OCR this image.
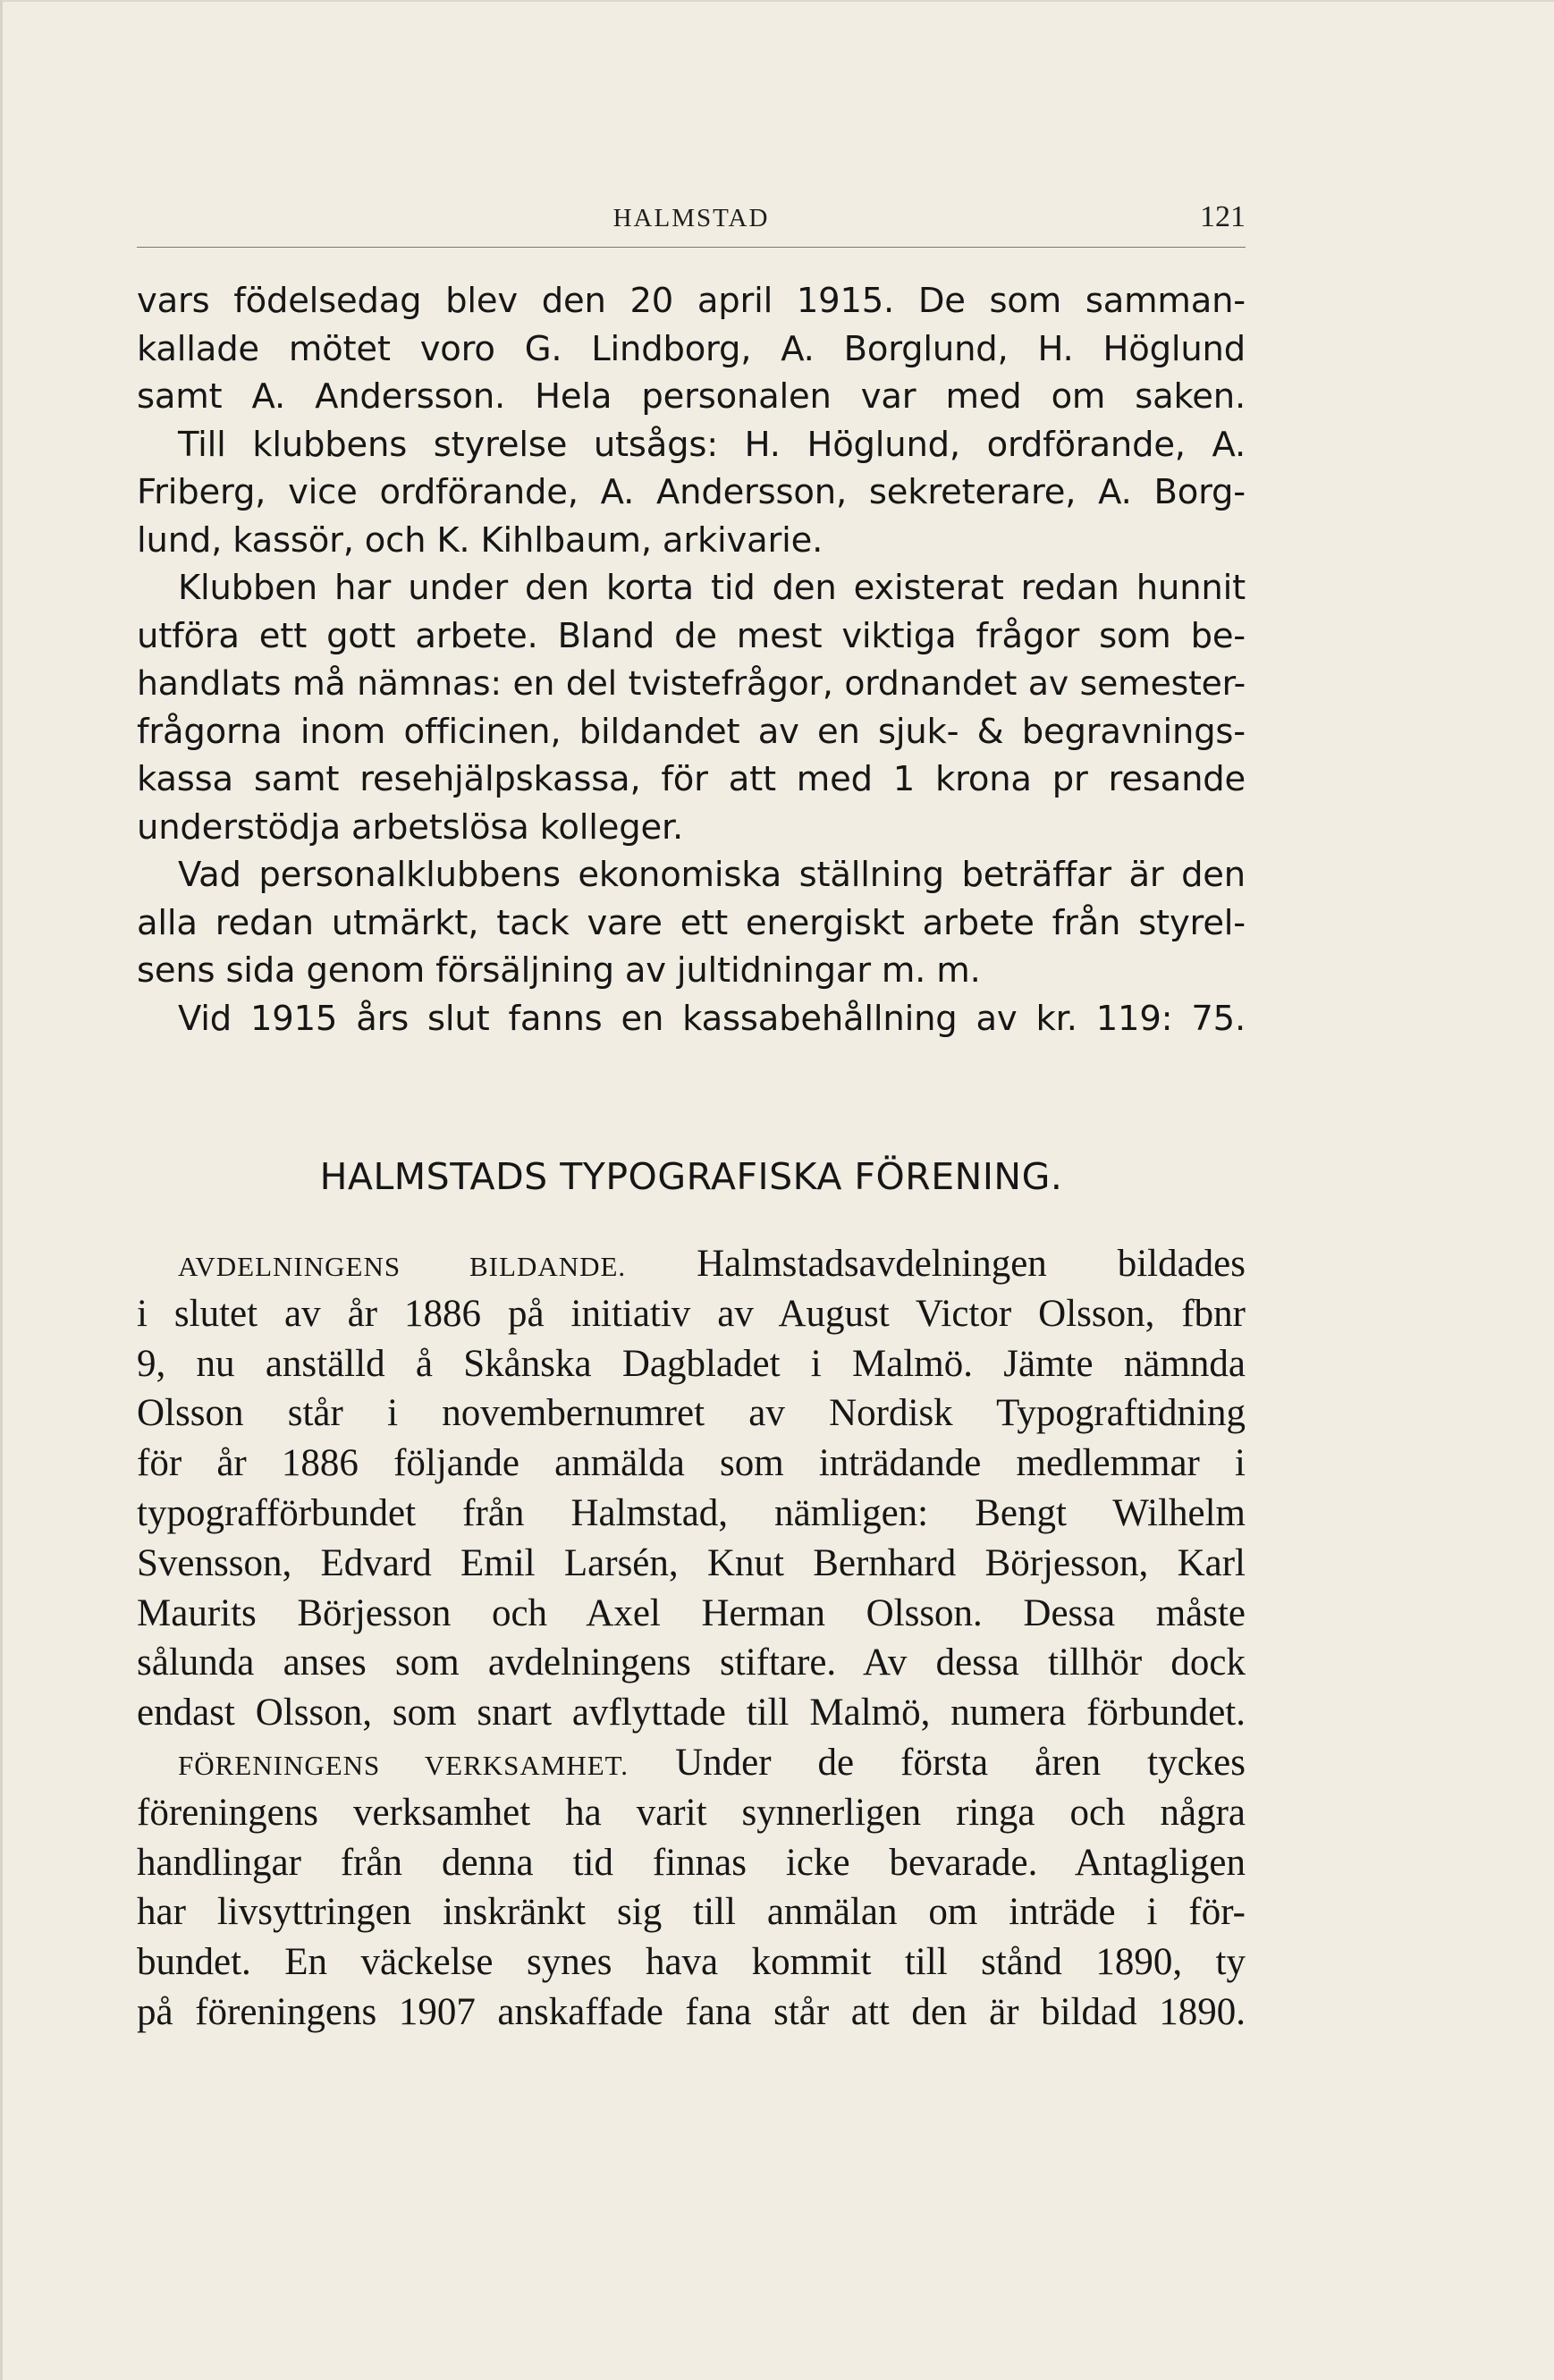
HALMSTAD	121
vars födelsedag blev den 20 april 1915. De som samman-
kallade mötet voro G. Lindborg, A. Borglund, H. Höglund
samt A. Andersson. Hela personalen var med om saken.
Till klubbens styrelse utsågs: H. Höglund, ordförande, A.
Friberg, vice ordförande, A. Andersson, sekreterare, A. Borg-
lund, kassör, och K. Kihlbaum, arkivarie.
Klubben har under den korta tid den existerat redan hunnit
utföra ett gott arbete. Bland de mest viktiga frågor som be-
handlats må nämnas: en del tvistefrågor, ordnandet av semester-
frågorna inom officinen, bildandet av en sjuk- & begravnings-
kassa samt resehjälpskassa, för att med 1 krona pr resande
understödja arbetslösa kolleger.
Vad personalklubbens ekonomiska ställning beträffar är den
alla redan utmärkt, tack vare ett energiskt arbete från styrel-
sens sida genom försäljning av jultidningar m. m.
Vid 1915 års slut fanns en kassabehållning av kr. 119: 75.
HALMSTADS TYPOGRAFISKA FÖRENING.
AVDELNINGENS BILDANDE. Halmstadsavdelningen bildades
i slutet av år 1886 på initiativ av August Victor Olsson, fbnr
9, nu anställd å Skånska Dagbladet i Malmö. Jämte nämnda
Olsson står i novembernumret av Nordisk Typograftidning
för år 1886 följande anmälda som inträdande medlemmar i
typografförbundet från Halmstad, nämligen: Bengt Wilhelm
Svensson, Edvard Emil Larsén, Knut Bernhard Börjesson, Karl
Maurits Börjesson och Axel Herman Olsson. Dessa måste
sålunda anses som avdelningens stiftare. Av dessa tillhör dock
endast Olsson, som snart avflyttade till Malmö, numera förbundet.
FÖRENINGENS VERKSAMHET. Under de första åren tyckes
föreningens verksamhet ha varit synnerligen ringa och några
handlingar från denna tid finnas icke bevarade. Antagligen
har livsyttringen inskränkt sig till anmälan om inträde i för-
bundet. En väckelse synes hava kommit till stånd 1890, ty
på föreningens 1907 anskaffade fana står att den är bildad 1890.
